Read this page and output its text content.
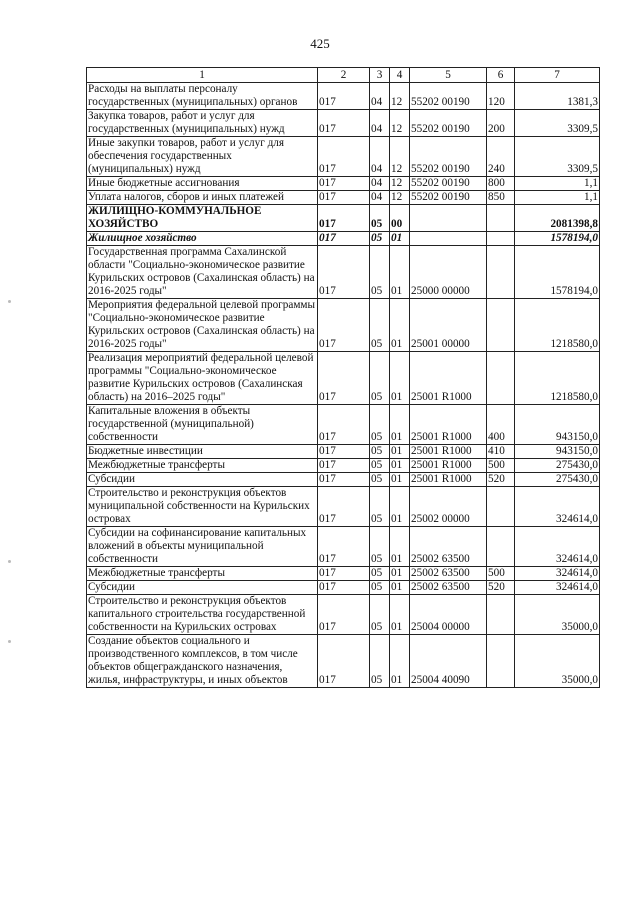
425
1	2	3	4	5	6	7
Расходы на выплаты персоналу государственных (муниципальных) органов	017	04	12	55202 00190	120	1381,3
Закупка товаров, работ и услуг для государственных (муниципальных) нужд	017	04	12	55202 00190	200	3309,5
Иные закупки товаров, работ и услуг для обеспечения государственных (муниципальных) нужд	017	04	12	55202 00190	240	3309,5
Иные бюджетные ассигнования	017	04	12	55202 00190	800	1,1
Уплата налогов, сборов и иных платежей	017	04	12	55202 00190	850	1,1
ЖИЛИЩНО-КОММУНАЛЬНОЕ ХОЗЯЙСТВО	017	05	00			2081398,8
Жилищное хозяйство	017	05	01			1578194,0
Государственная программа Сахалинской области "Социально-экономическое развитие Курильских островов (Сахалинская область) на 2016-2025 годы"	017	05	01	25000 00000		1578194,0
Мероприятия федеральной целевой программы "Социально-экономическое развитие Курильских островов (Сахалинская область) на 2016-2025 годы"	017	05	01	25001 00000		1218580,0
Реализация мероприятий федеральной целевой программы "Социально-экономическое развитие Курильских островов (Сахалинская область) на 2016–2025 годы"	017	05	01	25001 R1000		1218580,0
Капитальные вложения в объекты государственной (муниципальной) собственности	017	05	01	25001 R1000	400	943150,0
Бюджетные инвестиции	017	05	01	25001 R1000	410	943150,0
Межбюджетные трансферты	017	05	01	25001 R1000	500	275430,0
Субсидии	017	05	01	25001 R1000	520	275430,0
Строительство и реконструкция объектов муниципальной собственности на Курильских островах	017	05	01	25002 00000		324614,0
Субсидии на софинансирование капитальных вложений в объекты муниципальной собственности	017	05	01	25002 63500		324614,0
Межбюджетные трансферты	017	05	01	25002 63500	500	324614,0
Субсидии	017	05	01	25002 63500	520	324614,0
Строительство и реконструкция объектов капитального строительства государственной собственности на Курильских островах	017	05	01	25004 00000		35000,0
Создание объектов социального и производственного комплексов, в том числе объектов общегражданского назначения, жилья, инфраструктуры, и иных объектов	017	05	01	25004 40090		35000,0
